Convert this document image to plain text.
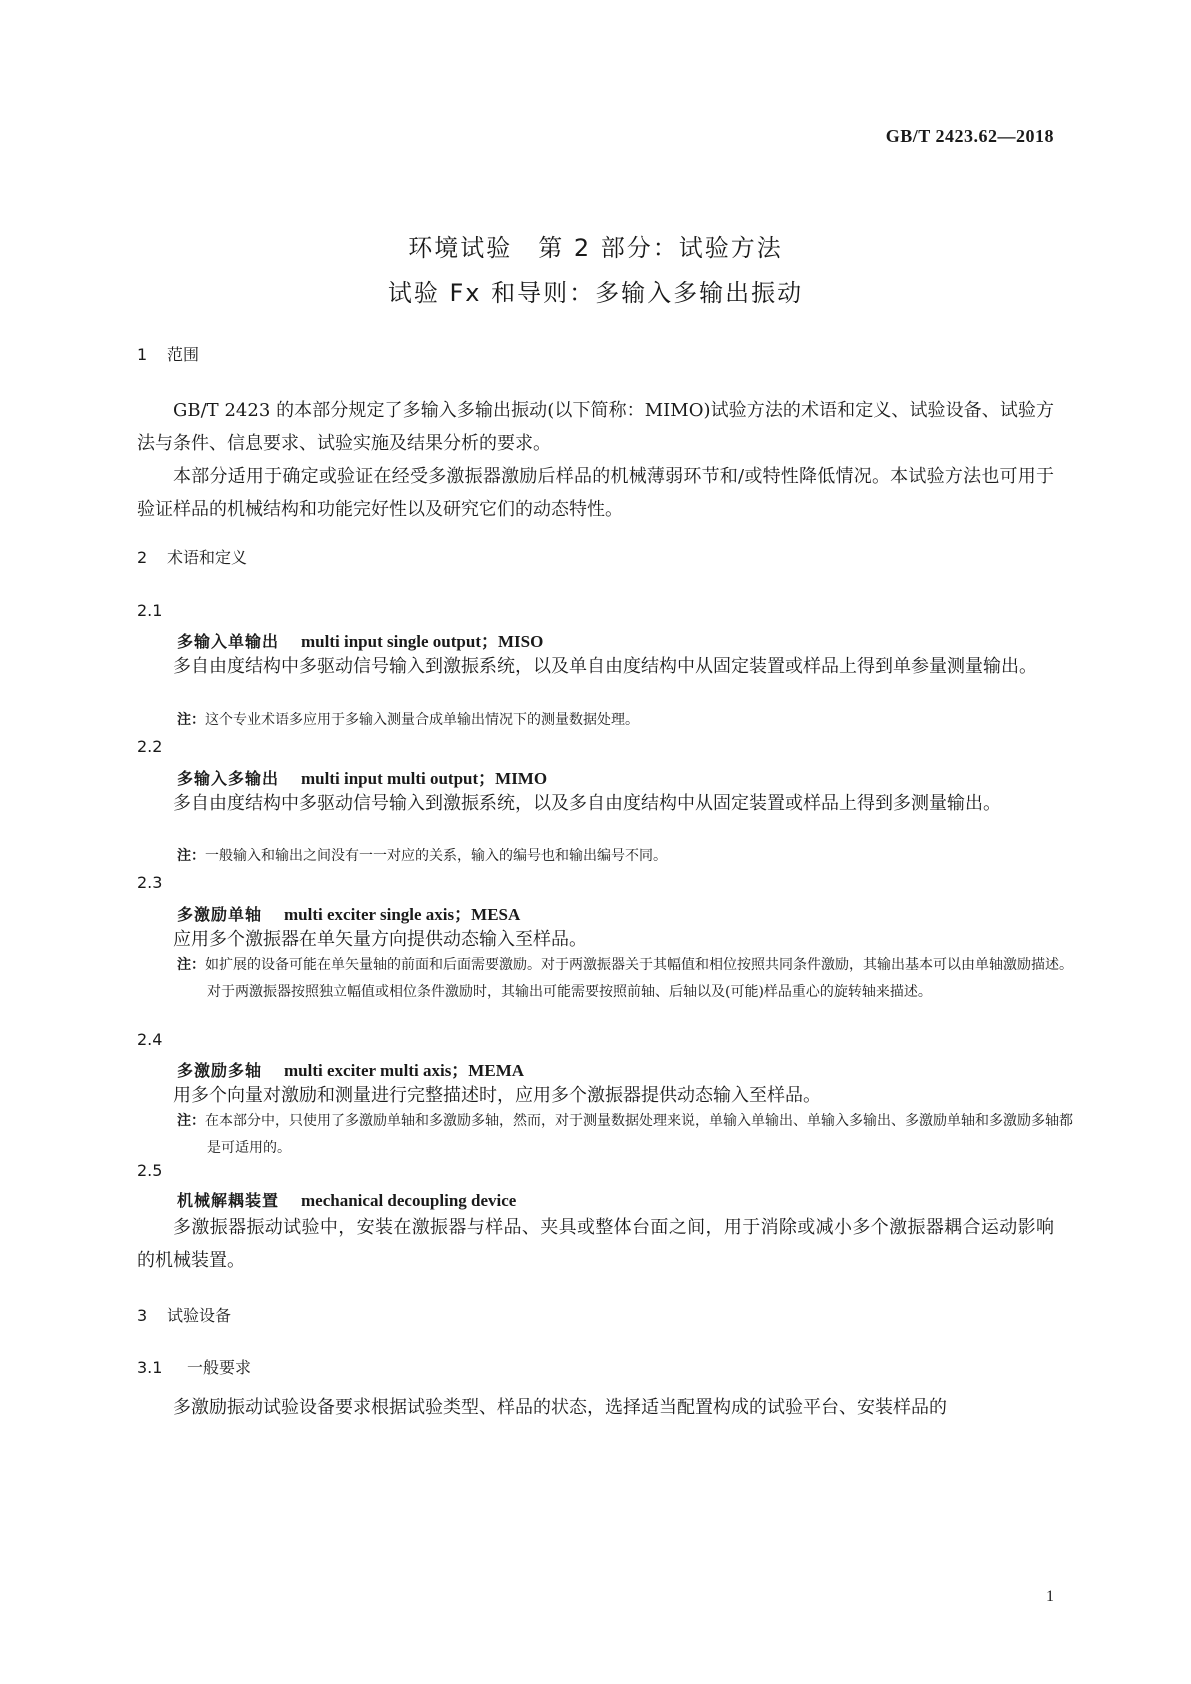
GB/T 2423.62—2018
环境试验　第 2 部分：试验方法
试验 Fx 和导则：多输入多输出振动
1 范围
GB/T 2423 的本部分规定了多输入多输出振动(以下简称：MIMO)试验方法的术语和定义、试验设备、试验方法与条件、信息要求、试验实施及结果分析的要求。
本部分适用于确定或验证在经受多激振器激励后样品的机械薄弱环节和/或特性降低情况。本试验方法也可用于验证样品的机械结构和功能完好性以及研究它们的动态特性。
2 术语和定义
2.1
多输入单输出 multi input single output；MISO
多自由度结构中多驱动信号输入到激振系统，以及单自由度结构中从固定装置或样品上得到单参量测量输出。
注：这个专业术语多应用于多输入测量合成单输出情况下的测量数据处理。
2.2
多输入多输出 multi input multi output；MIMO
多自由度结构中多驱动信号输入到激振系统，以及多自由度结构中从固定装置或样品上得到多测量输出。
注：一般输入和输出之间没有一一对应的关系，输入的编号也和输出编号不同。
2.3
多激励单轴 multi exciter single axis；MESA
应用多个激振器在单矢量方向提供动态输入至样品。
注：如扩展的设备可能在单矢量轴的前面和后面需要激励。对于两激振器关于其幅值和相位按照共同条件激励，其输出基本可以由单轴激励描述。对于两激振器按照独立幅值或相位条件激励时，其输出可能需要按照前轴、后轴以及(可能)样品重心的旋转轴来描述。
2.4
多激励多轴 multi exciter multi axis；MEMA
用多个向量对激励和测量进行完整描述时，应用多个激振器提供动态输入至样品。
注：在本部分中，只使用了多激励单轴和多激励多轴，然而，对于测量数据处理来说，单输入单输出、单输入多输出、多激励单轴和多激励多轴都是可适用的。
2.5
机械解耦装置 mechanical decoupling device
多激振器振动试验中，安装在激振器与样品、夹具或整体台面之间，用于消除或减小多个激振器耦合运动影响的机械装置。
3 试验设备
3.1 一般要求
多激励振动试验设备要求根据试验类型、样品的状态，选择适当配置构成的试验平台、安装样品的
1
